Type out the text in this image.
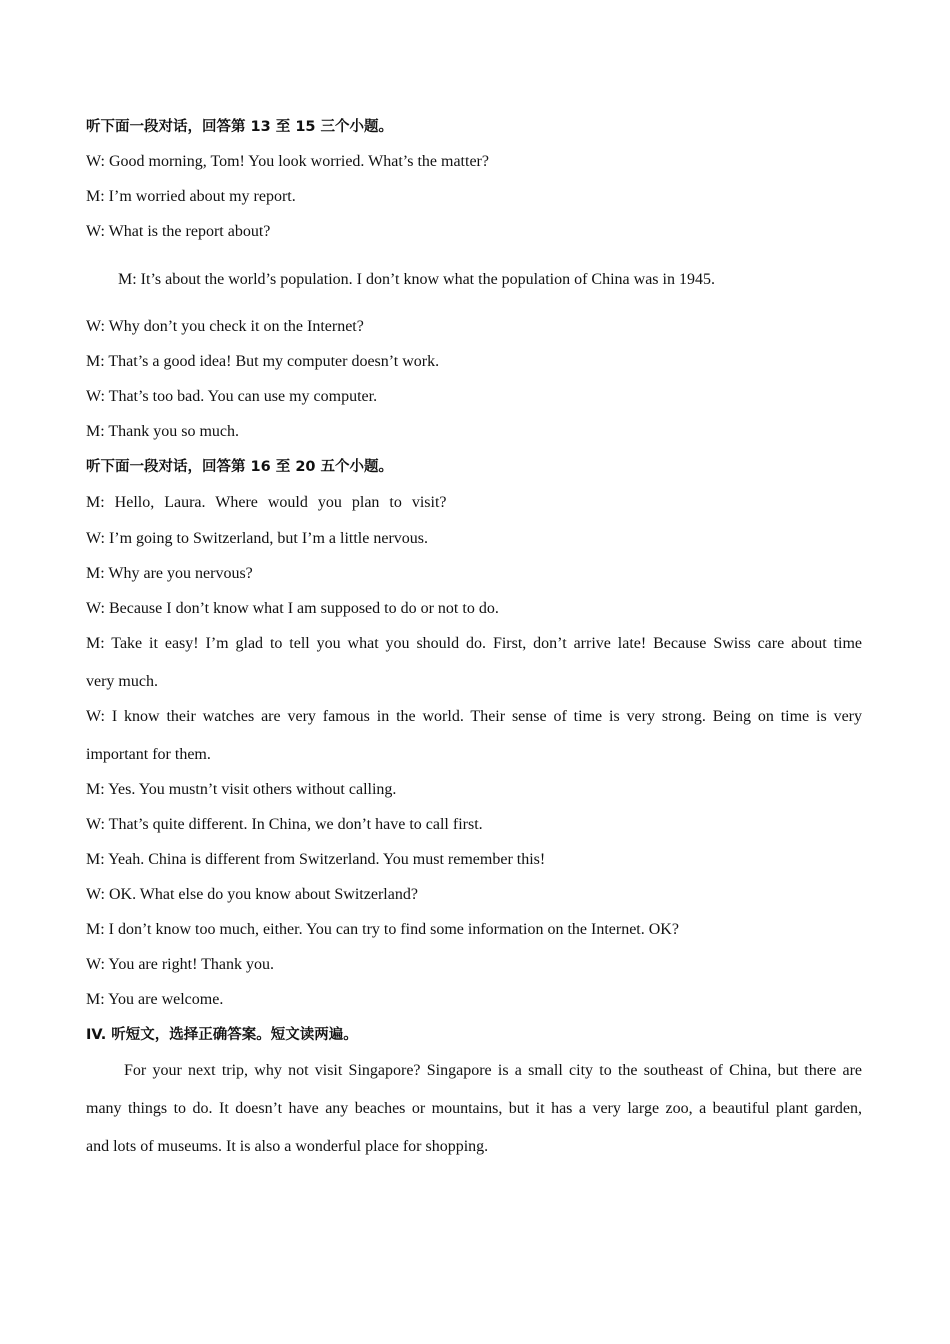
听下面一段对话，回答第 13 至 15 三个小题。
W: Good morning, Tom! You look worried. What’s the matter?
M: I’m worried about my report.
W: What is the report about?
M: It’s about the world’s population. I don’t know what the population of China was in 1945.
W: Why don’t you check it on the Internet?
M: That’s a good idea! But my computer doesn’t work.
W: That’s too bad. You can use my computer.
M: Thank you so much.
听下面一段对话，回答第 16 至 20 五个小题。
M: Hello, Laura. Where would you plan to visit?
W: I’m going to Switzerland, but I’m a little nervous.
M: Why are you nervous?
W: Because I don’t know what I am supposed to do or not to do.
M: Take it easy! I’m glad to tell you what you should do. First, don’t arrive late! Because Swiss care about time
very much.
W: I know their watches are very famous in the world. Their sense of time is very strong. Being on time is very
important for them.
M: Yes. You mustn’t visit others without calling.
W: That’s quite different. In China, we don’t have to call first.
M: Yeah. China is different from Switzerland. You must remember this!
W: OK. What else do you know about Switzerland?
M: I don’t know too much, either. You can try to find some information on the Internet. OK?
W: You are right! Thank you.
M: You are welcome.
IV. 听短文，选择正确答案。短文读两遍。
For your next trip, why not visit Singapore? Singapore is a small city to the southeast of China, but there are
many things to do. It doesn’t have any beaches or mountains, but it has a very large zoo, a beautiful plant garden,
and lots of museums. It is also a wonderful place for shopping.
